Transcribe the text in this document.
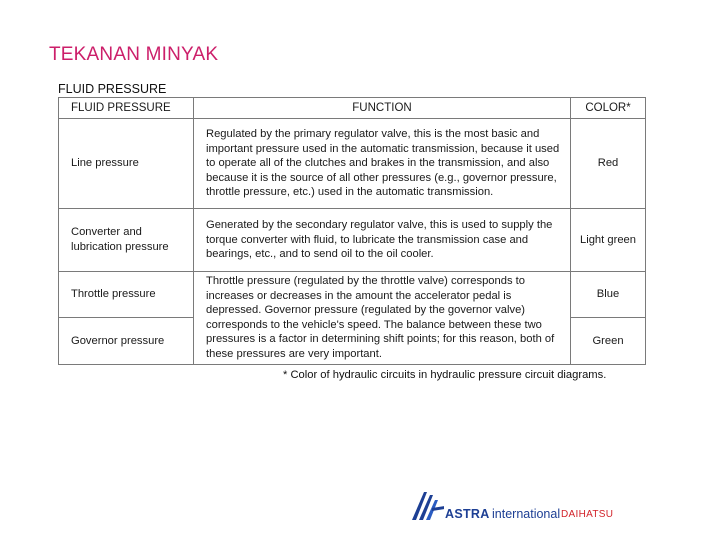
TEKANAN MINYAK
FLUID PRESSURE
FLUID PRESSURE	FUNCTION	COLOR*
Line pressure	Regulated by the primary regulator valve, this is the most basic and important pressure used in the automatic transmission, because it used to operate all of the clutches and brakes in the transmission, and also because it is the source of all other pressures (e.g., governor pressure, throttle pressure, etc.) used in the automatic transmission.	Red
Converter and lubrication pressure	Generated by the secondary regulator valve, this is used to supply the torque converter with fluid, to lubricate the transmission case and bearings, etc., and to send oil to the oil cooler.	Light green
Throttle pressure	Throttle pressure (regulated by the throttle valve) corresponds to increases or decreases in the amount the accelerator pedal is depressed. Governor pressure (regulated by the governor valve) corresponds to the vehicle's speed. The balance between these two pressures is a factor in determining shift points; for this reason, both of these pressures are very important.	Blue
Governor pressure		Green
* Color of hydraulic circuits in hydraulic pressure circuit diagrams.
ASTRA international DAIHATSU
